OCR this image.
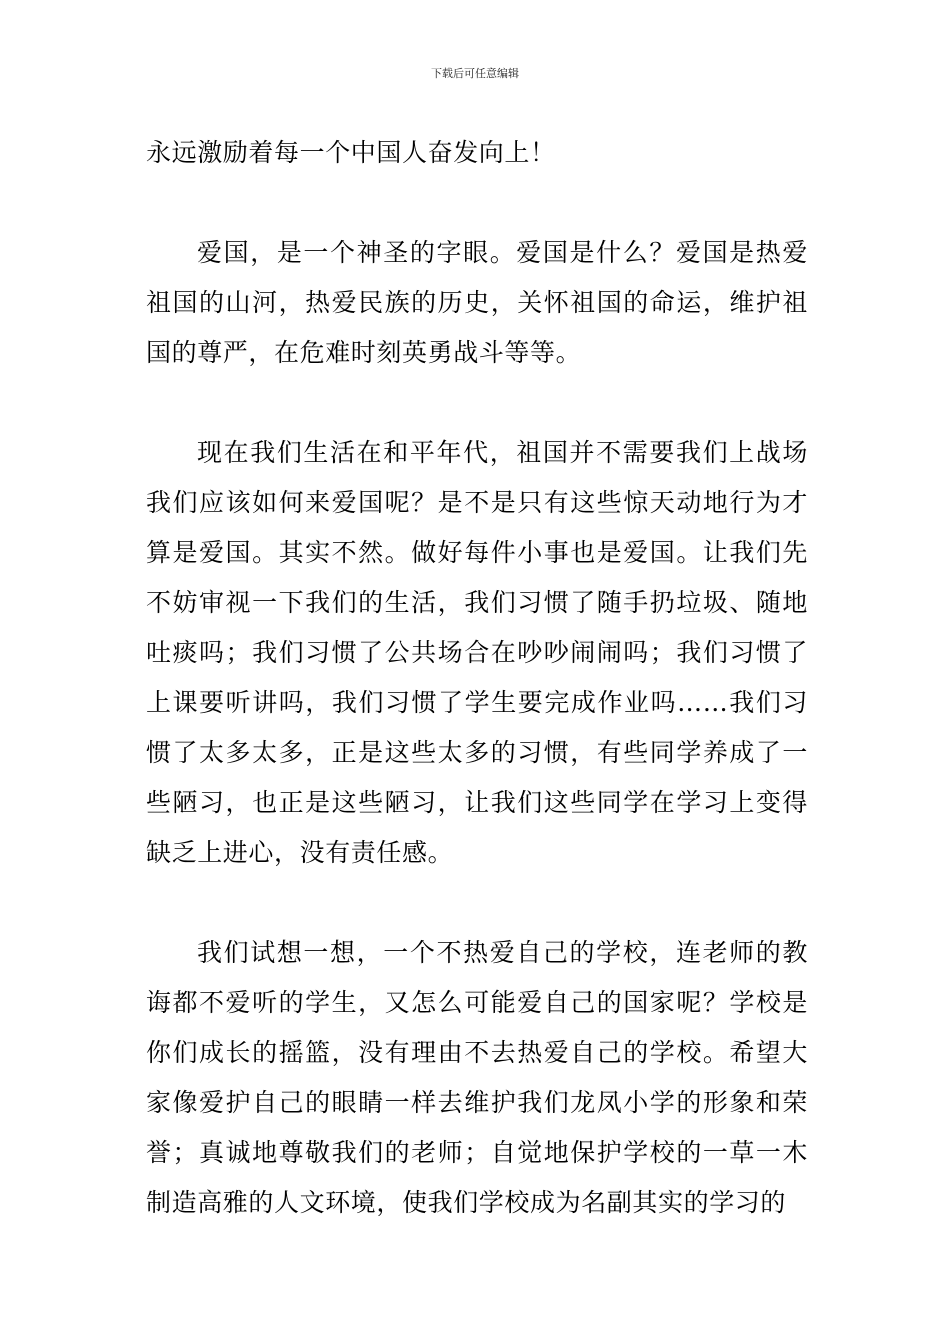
下载后可任意编辑

永远激励着每一个中国人奋发向上！

爱国，是一个神圣的字眼。爱国是什么？爱国是热爱祖国的山河，热爱民族的历史，关怀祖国的命运，维护祖国的尊严，在危难时刻英勇战斗等等。

现在我们生活在和平年代，祖国并不需要我们上战场我们应该如何来爱国呢？是不是只有这些惊天动地行为才算是爱国。其实不然。做好每件小事也是爱国。让我们先不妨审视一下我们的生活，我们习惯了随手扔垃圾、随地吐痰吗；我们习惯了公共场合在吵吵闹闹吗；我们习惯了上课要听讲吗，我们习惯了学生要完成作业吗……我们习惯了太多太多，正是这些太多的习惯，有些同学养成了一些陋习，也正是这些陋习，让我们这些同学在学习上变得缺乏上进心，没有责任感。

我们试想一想，一个不热爱自己的学校，连老师的教诲都不爱听的学生，又怎么可能爱自己的国家呢？学校是你们成长的摇篮，没有理由不去热爱自己的学校。希望大家像爱护自己的眼睛一样去维护我们龙凤小学的形象和荣誉；真诚地尊敬我们的老师；自觉地保护学校的一草一木制造高雅的人文环境，使我们学校成为名副其实的学习的
